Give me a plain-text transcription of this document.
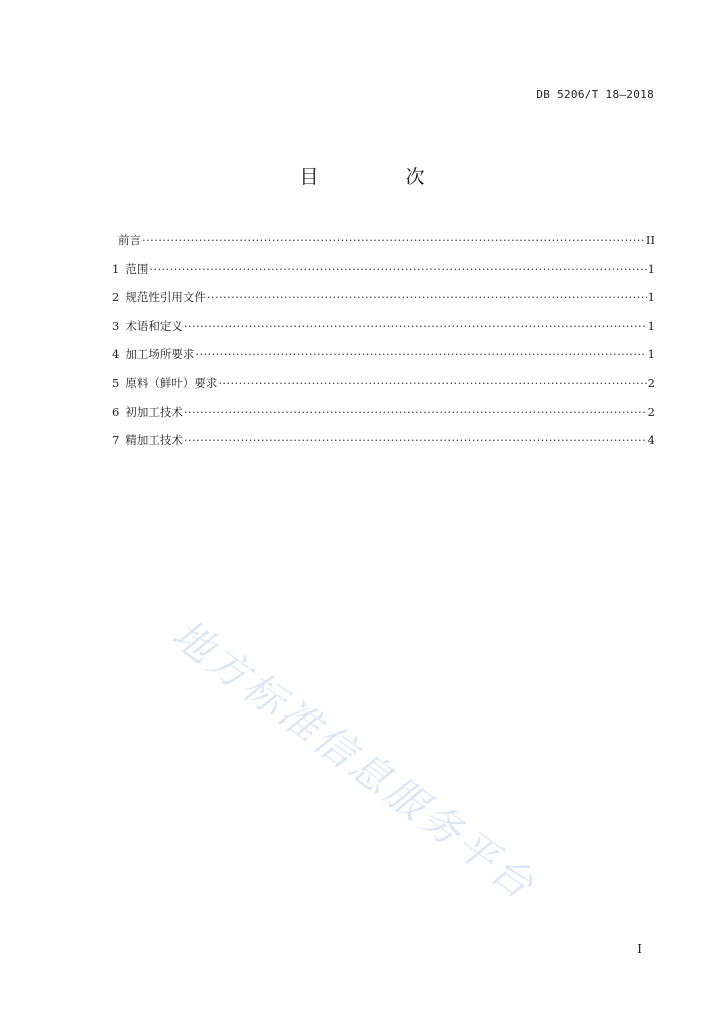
DB 5206/T 18—2018
目　次
前言 ·····	II
1 范围 ·····	1
2 规范性引用文件 ·····	1
3 术语和定义 ·····	1
4 加工场所要求 ·····	1
5 原料（鲜叶）要求 ·····	2
6 初加工技术 ·····	2
7 精加工技术 ·····	4
地方标准信息服务平台
I
